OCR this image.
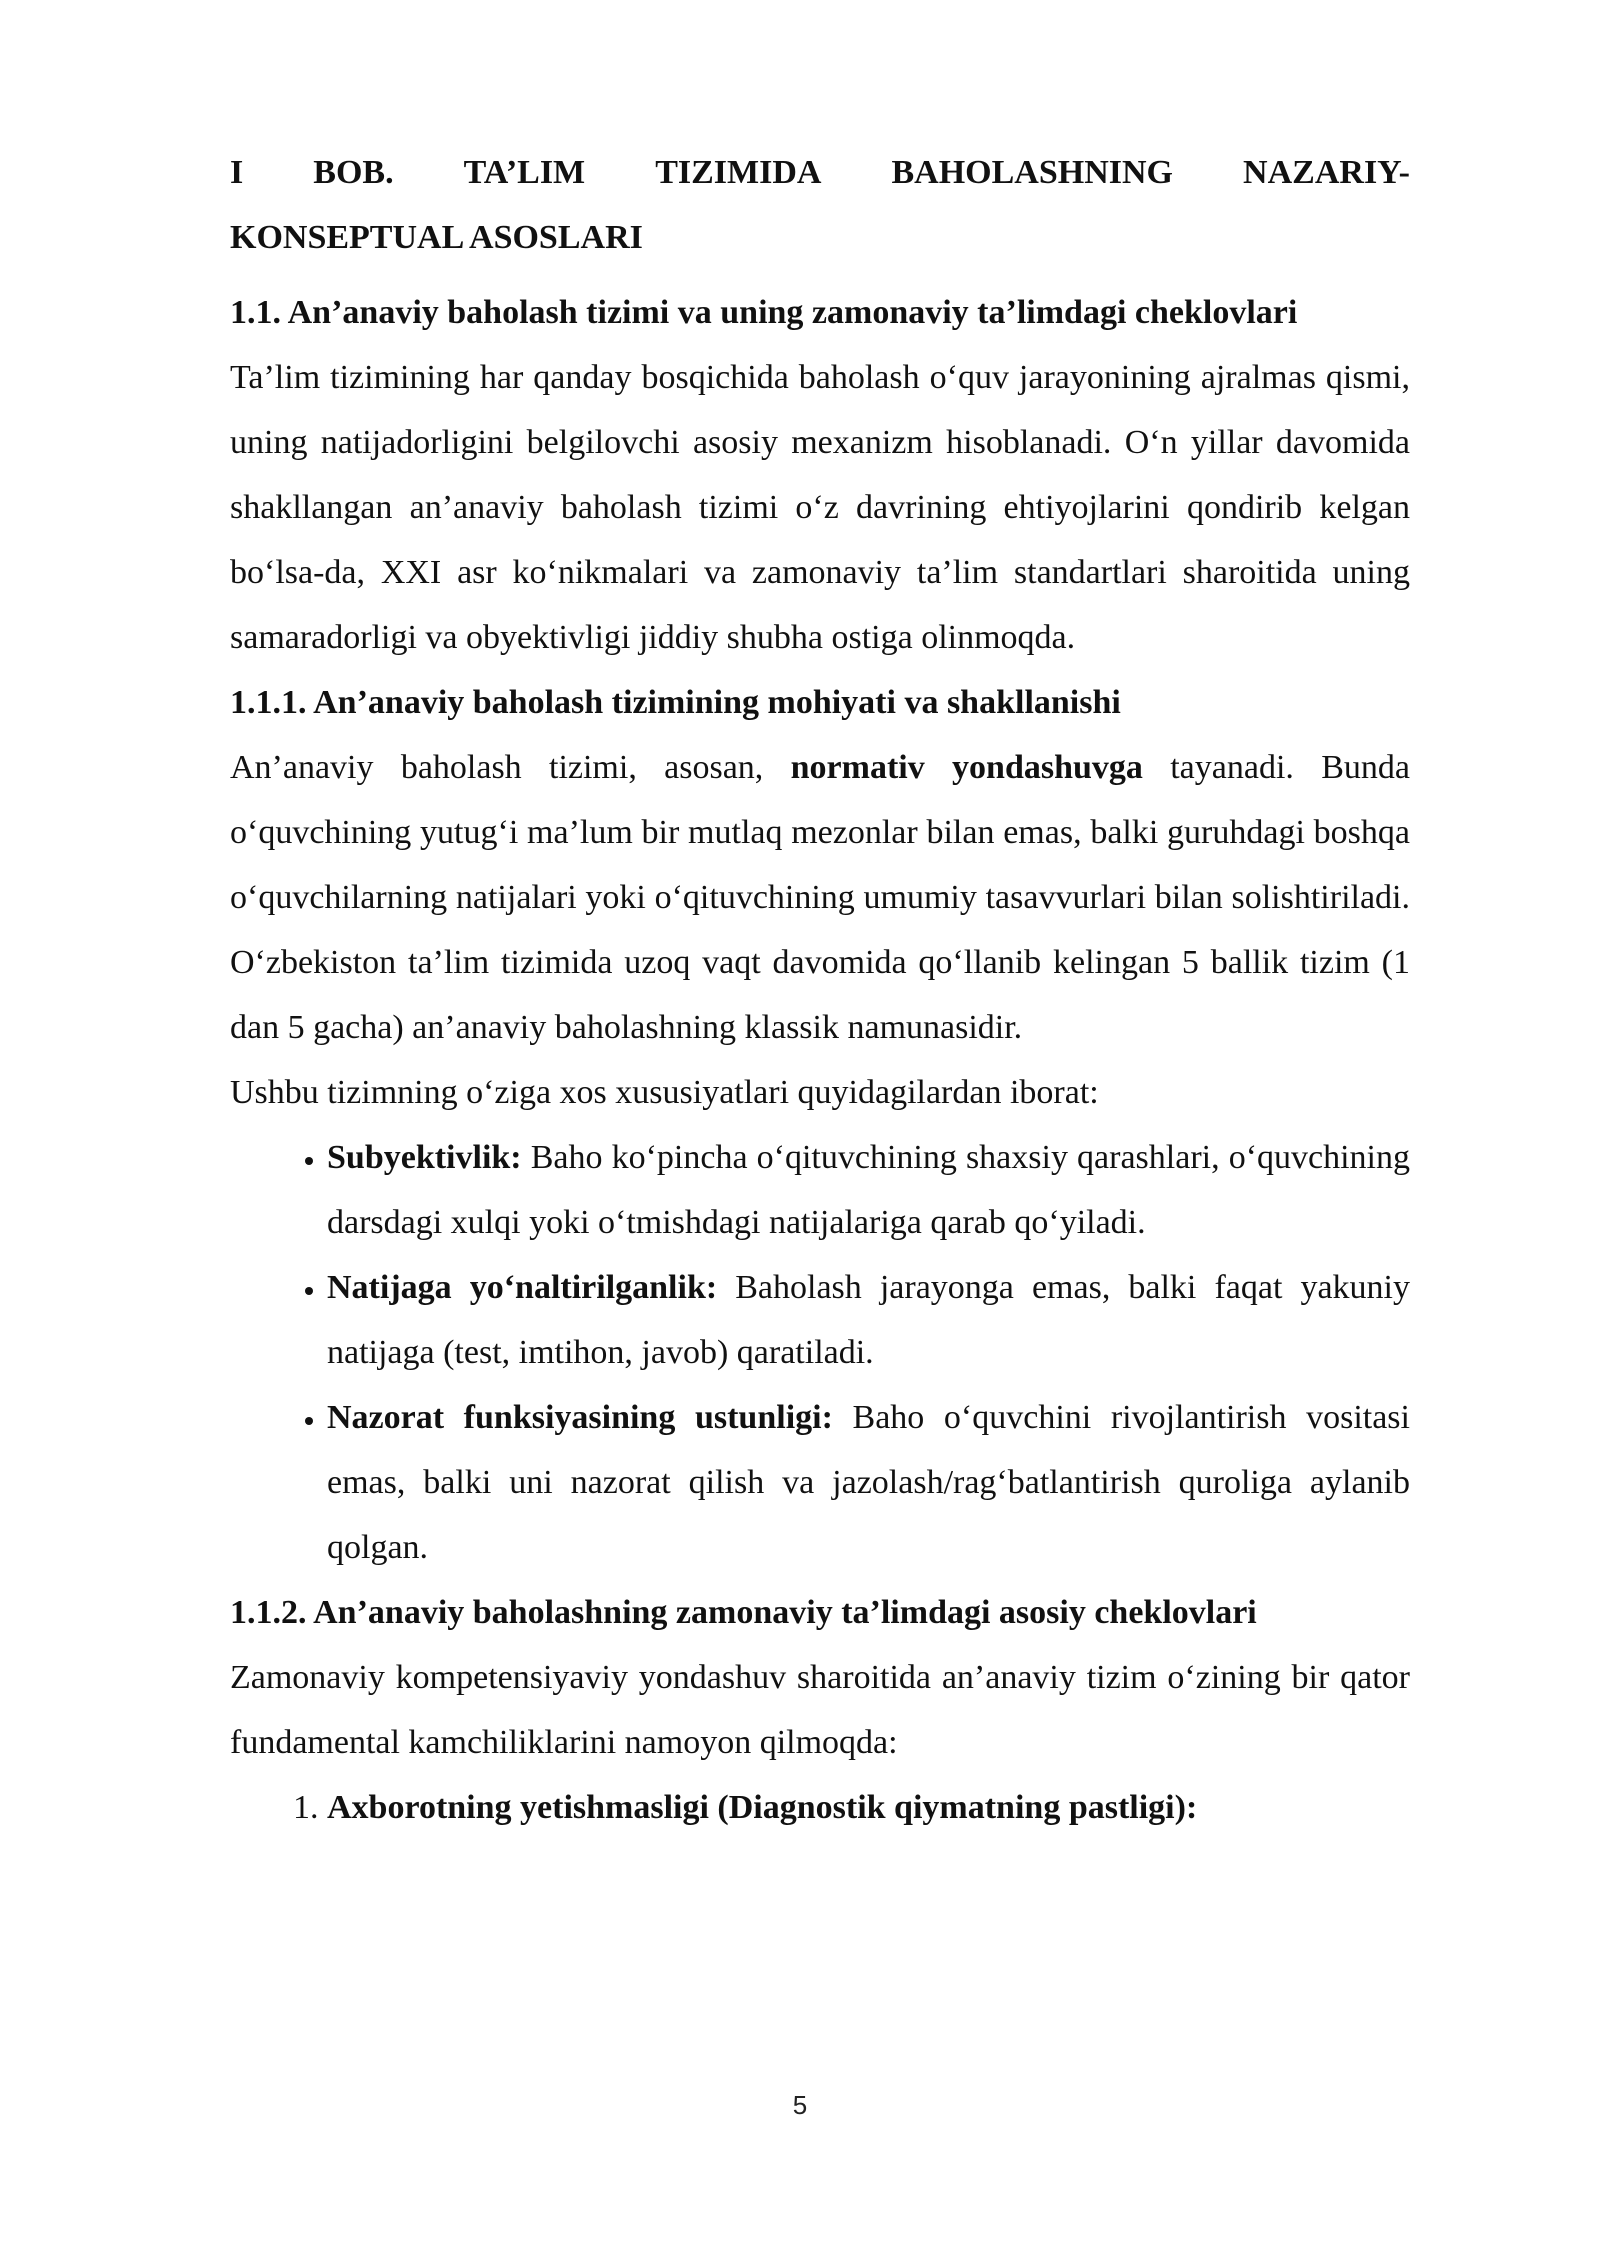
I BOB. TA’LIM TIZIMIDA BAHOLASHNING NAZARIY-
KONSEPTUAL ASOSLARI
1.1. An’anaviy baholash tizimi va uning zamonaviy ta’limdagi cheklovlari

Ta’lim tizimining har qanday bosqichida baholash o‘quv jarayonining ajralmas qismi, uning natijadorligini belgilovchi asosiy mexanizm hisoblanadi. O‘n yillar davomida shakllangan an’anaviy baholash tizimi o‘z davrining ehtiyojlarini qondirib kelgan bo‘lsa-da, XXI asr ko‘nikmalari va zamonaviy ta’lim standartlari sharoitida uning samaradorligi va obyektivligi jiddiy shubha ostiga olinmoqda.

1.1.1. An’anaviy baholash tizimining mohiyati va shakllanishi

An’anaviy baholash tizimi, asosan, normativ yondashuvga tayanadi. Bunda o‘quvchining yutug‘i ma’lum bir mutlaq mezonlar bilan emas, balki guruhdagi boshqa o‘quvchilarning natijalari yoki o‘qituvchining umumiy tasavvurlari bilan solishtiriladi. O‘zbekiston ta’lim tizimida uzoq vaqt davomida qo‘llanib kelingan 5 ballik tizim (1 dan 5 gacha) an’anaviy baholashning klassik namunasidir.

Ushbu tizimning o‘ziga xos xususiyatlari quyidagilardan iborat:

• Subyektivlik: Baho ko‘pincha o‘qituvchining shaxsiy qarashlari, o‘quvchining darsdagi xulqi yoki o‘tmishdagi natijalariga qarab qo‘yiladi.
• Natijaga yo‘naltirilganlik: Baholash jarayonga emas, balki faqat yakuniy natijaga (test, imtihon, javob) qaratiladi.
• Nazorat funksiyasining ustunligi: Baho o‘quvchini rivojlantirish vositasi emas, balki uni nazorat qilish va jazolash/rag‘batlantirish quroliga aylanib qolgan.
1.1.2. An’anaviy baholashning zamonaviy ta’limdagi asosiy cheklovlari

Zamonaviy kompetensiyaviy yondashuv sharoitida an’anaviy tizim o‘zining bir qator fundamental kamchiliklarini namoyon qilmoqda:

1. Axborotning yetishmasligi (Diagnostik qiymatning pastligi):
5
